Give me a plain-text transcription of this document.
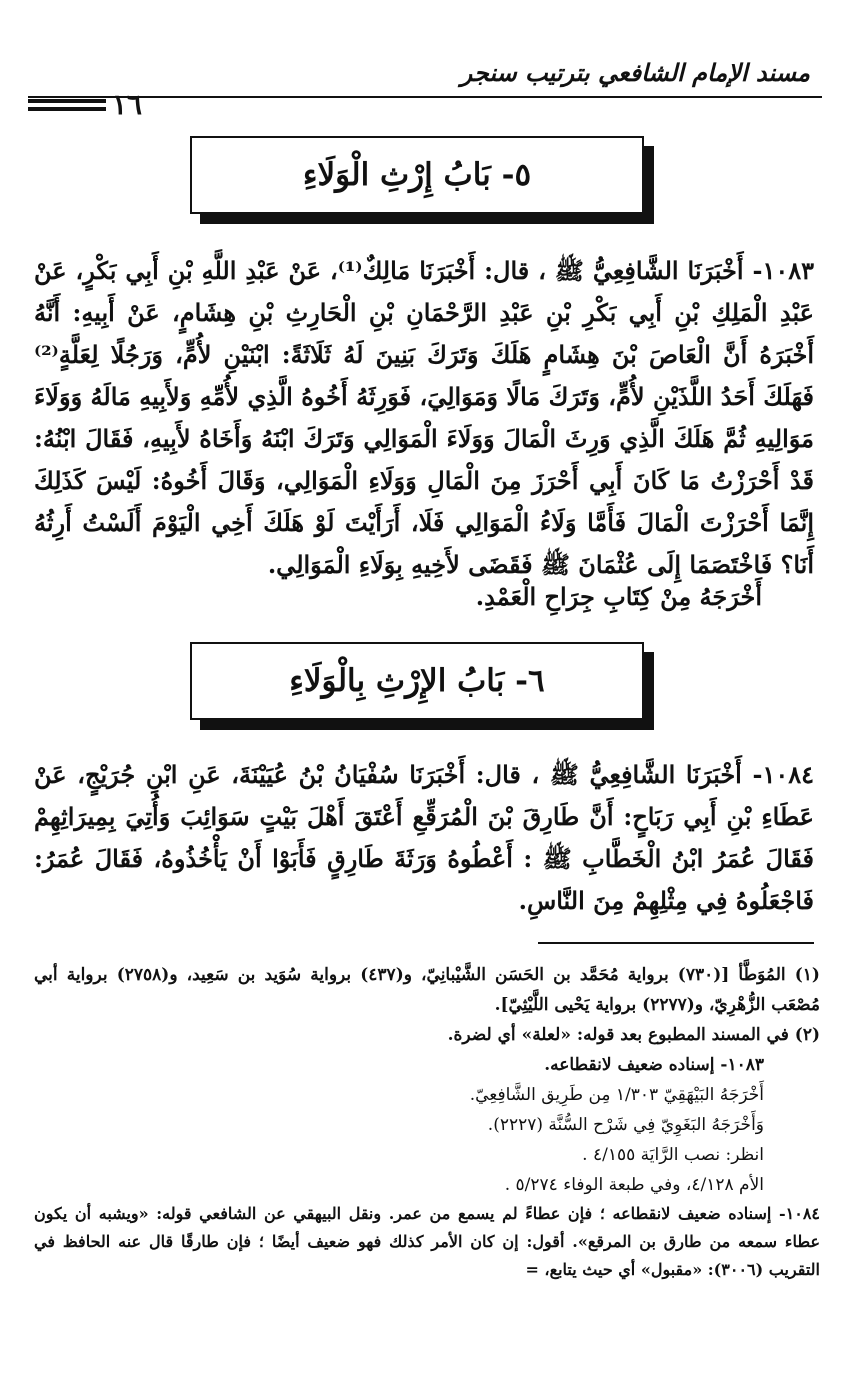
مسند الإمام الشافعي بترتيب سنجر
١٦
٥- بَابُ إِرْثِ الْوَلَاءِ

١٠٨٣- أَخْبَرَنَا الشَّافِعِيُّ ﷺ ، قال: أَخْبَرَنَا مَالِكٌ⁽¹⁾، عَنْ عَبْدِ اللَّهِ بْنِ أَبِي بَكْرٍ، عَنْ عَبْدِ الْمَلِكِ بْنِ أَبِي بَكْرِ بْنِ عَبْدِ الرَّحْمَانِ بْنِ الْحَارِثِ بْنِ هِشَامٍ، عَنْ أَبِيهِ: أَنَّهُ أَخْبَرَهُ أَنَّ الْعَاصَ بْنَ هِشَامٍ هَلَكَ وَتَرَكَ بَنِينَ لَهُ ثَلَاثَةً: ابْنَيْنِ لأُمٍّ، وَرَجُلًا لِعَلَّةٍ⁽²⁾ فَهَلَكَ أَحَدُ اللَّذَيْنِ لأُمٍّ، وَتَرَكَ مَالًا وَمَوَالِيَ، فَوَرِثَهُ أَخُوهُ الَّذِي لأُمِّهِ وَلأَبِيهِ مَالَهُ وَوَلَاءَ مَوَالِيهِ ثُمَّ هَلَكَ الَّذِي وَرِثَ الْمَالَ وَوَلَاءَ الْمَوَالِي وَتَرَكَ ابْنَهُ وَأَخَاهُ لأَبِيهِ، فَقَالَ ابْنُهُ: قَدْ أَحْرَزْتُ مَا كَانَ أَبِي أَحْرَزَ مِنَ الْمَالِ وَوَلَاءِ الْمَوَالِي، وَقَالَ أَخُوهُ: لَيْسَ كَذَلِكَ إِنَّمَا أَحْرَزْتَ الْمَالَ فَأَمَّا وَلَاءُ الْمَوَالِي فَلَا، أَرَأَيْتَ لَوْ هَلَكَ أَخِي الْيَوْمَ أَلَسْتُ أَرِثُهُ أَنَا؟ فَاخْتَصَمَا إِلَى عُثْمَانَ ﷺ فَقَضَى لأَخِيهِ بِوَلَاءِ الْمَوَالِي.

أَخْرَجَهُ مِنْ كِتَابِ جِرَاحِ الْعَمْدِ.

٦- بَابُ الإِرْثِ بِالْوَلَاءِ

١٠٨٤- أَخْبَرَنَا الشَّافِعِيُّ ﷺ ، قال: أَخْبَرَنَا سُفْيَانُ بْنُ عُيَيْنَةَ، عَنِ ابْنِ جُرَيْجٍ، عَنْ عَطَاءِ بْنِ أَبِي رَبَاحٍ: أَنَّ طَارِقَ بْنَ الْمُرَقِّعِ أَعْتَقَ أَهْلَ بَيْتٍ سَوَائِبَ وَأُتِيَ بِمِيرَاثِهِمْ فَقَالَ عُمَرُ ابْنُ الْخَطَّابِ ﷺ : أَعْطُوهُ وَرَثَةَ طَارِقٍ فَأَبَوْا أَنْ يَأْخُذُوهُ، فَقَالَ عُمَرُ: فَاجْعَلُوهُ فِي مِثْلِهِمْ مِنَ النَّاسِ.

(١) المُوَطَّأ [(٧٣٠) برواية مُحَمَّد بن الحَسَن الشَّيْبانِيّ، و(٤٣٧) برواية سُوَيد بن سَعِيد، و(٢٧٥٨) برواية أبي مُصْعَب الزُّهْرِيّ، و(٢٢٧٧) برواية يَحْيى اللَّيْثِيّ].

(٢) في المسند المطبوع بعد قوله: «لعلة» أي لضرة.

١٠٨٣- إسناده ضعيف لانقطاعه.

أَخْرَجَهُ البَيْهَقِيّ ١/٣٠٣ مِن طَرِيق الشَّافِعِيّ.

وَأَخْرَجَهُ البَغَوِيّ فِي شَرْح السُّنَّة (٢٢٢٧).

انظر: نصب الرَّايَة ٤/١٥٥ .

الأم ٤/١٢٨، وفي طبعة الوفاء ٥/٢٧٤ .

١٠٨٤- إسناده ضعيف لانقطاعه ؛ فإن عطاءً لم يسمع من عمر. ونقل البيهقي عن الشافعي قوله: «ويشبه أن يكون عطاء سمعه من طارق بن المرقع». أقول: إن كان الأمر كذلك فهو ضعيف أيضًا ؛ فإن طارقًا قال عنه الحافظ في التقريب (٣٠٠٦): «مقبول» أي حيث يتابع، =
